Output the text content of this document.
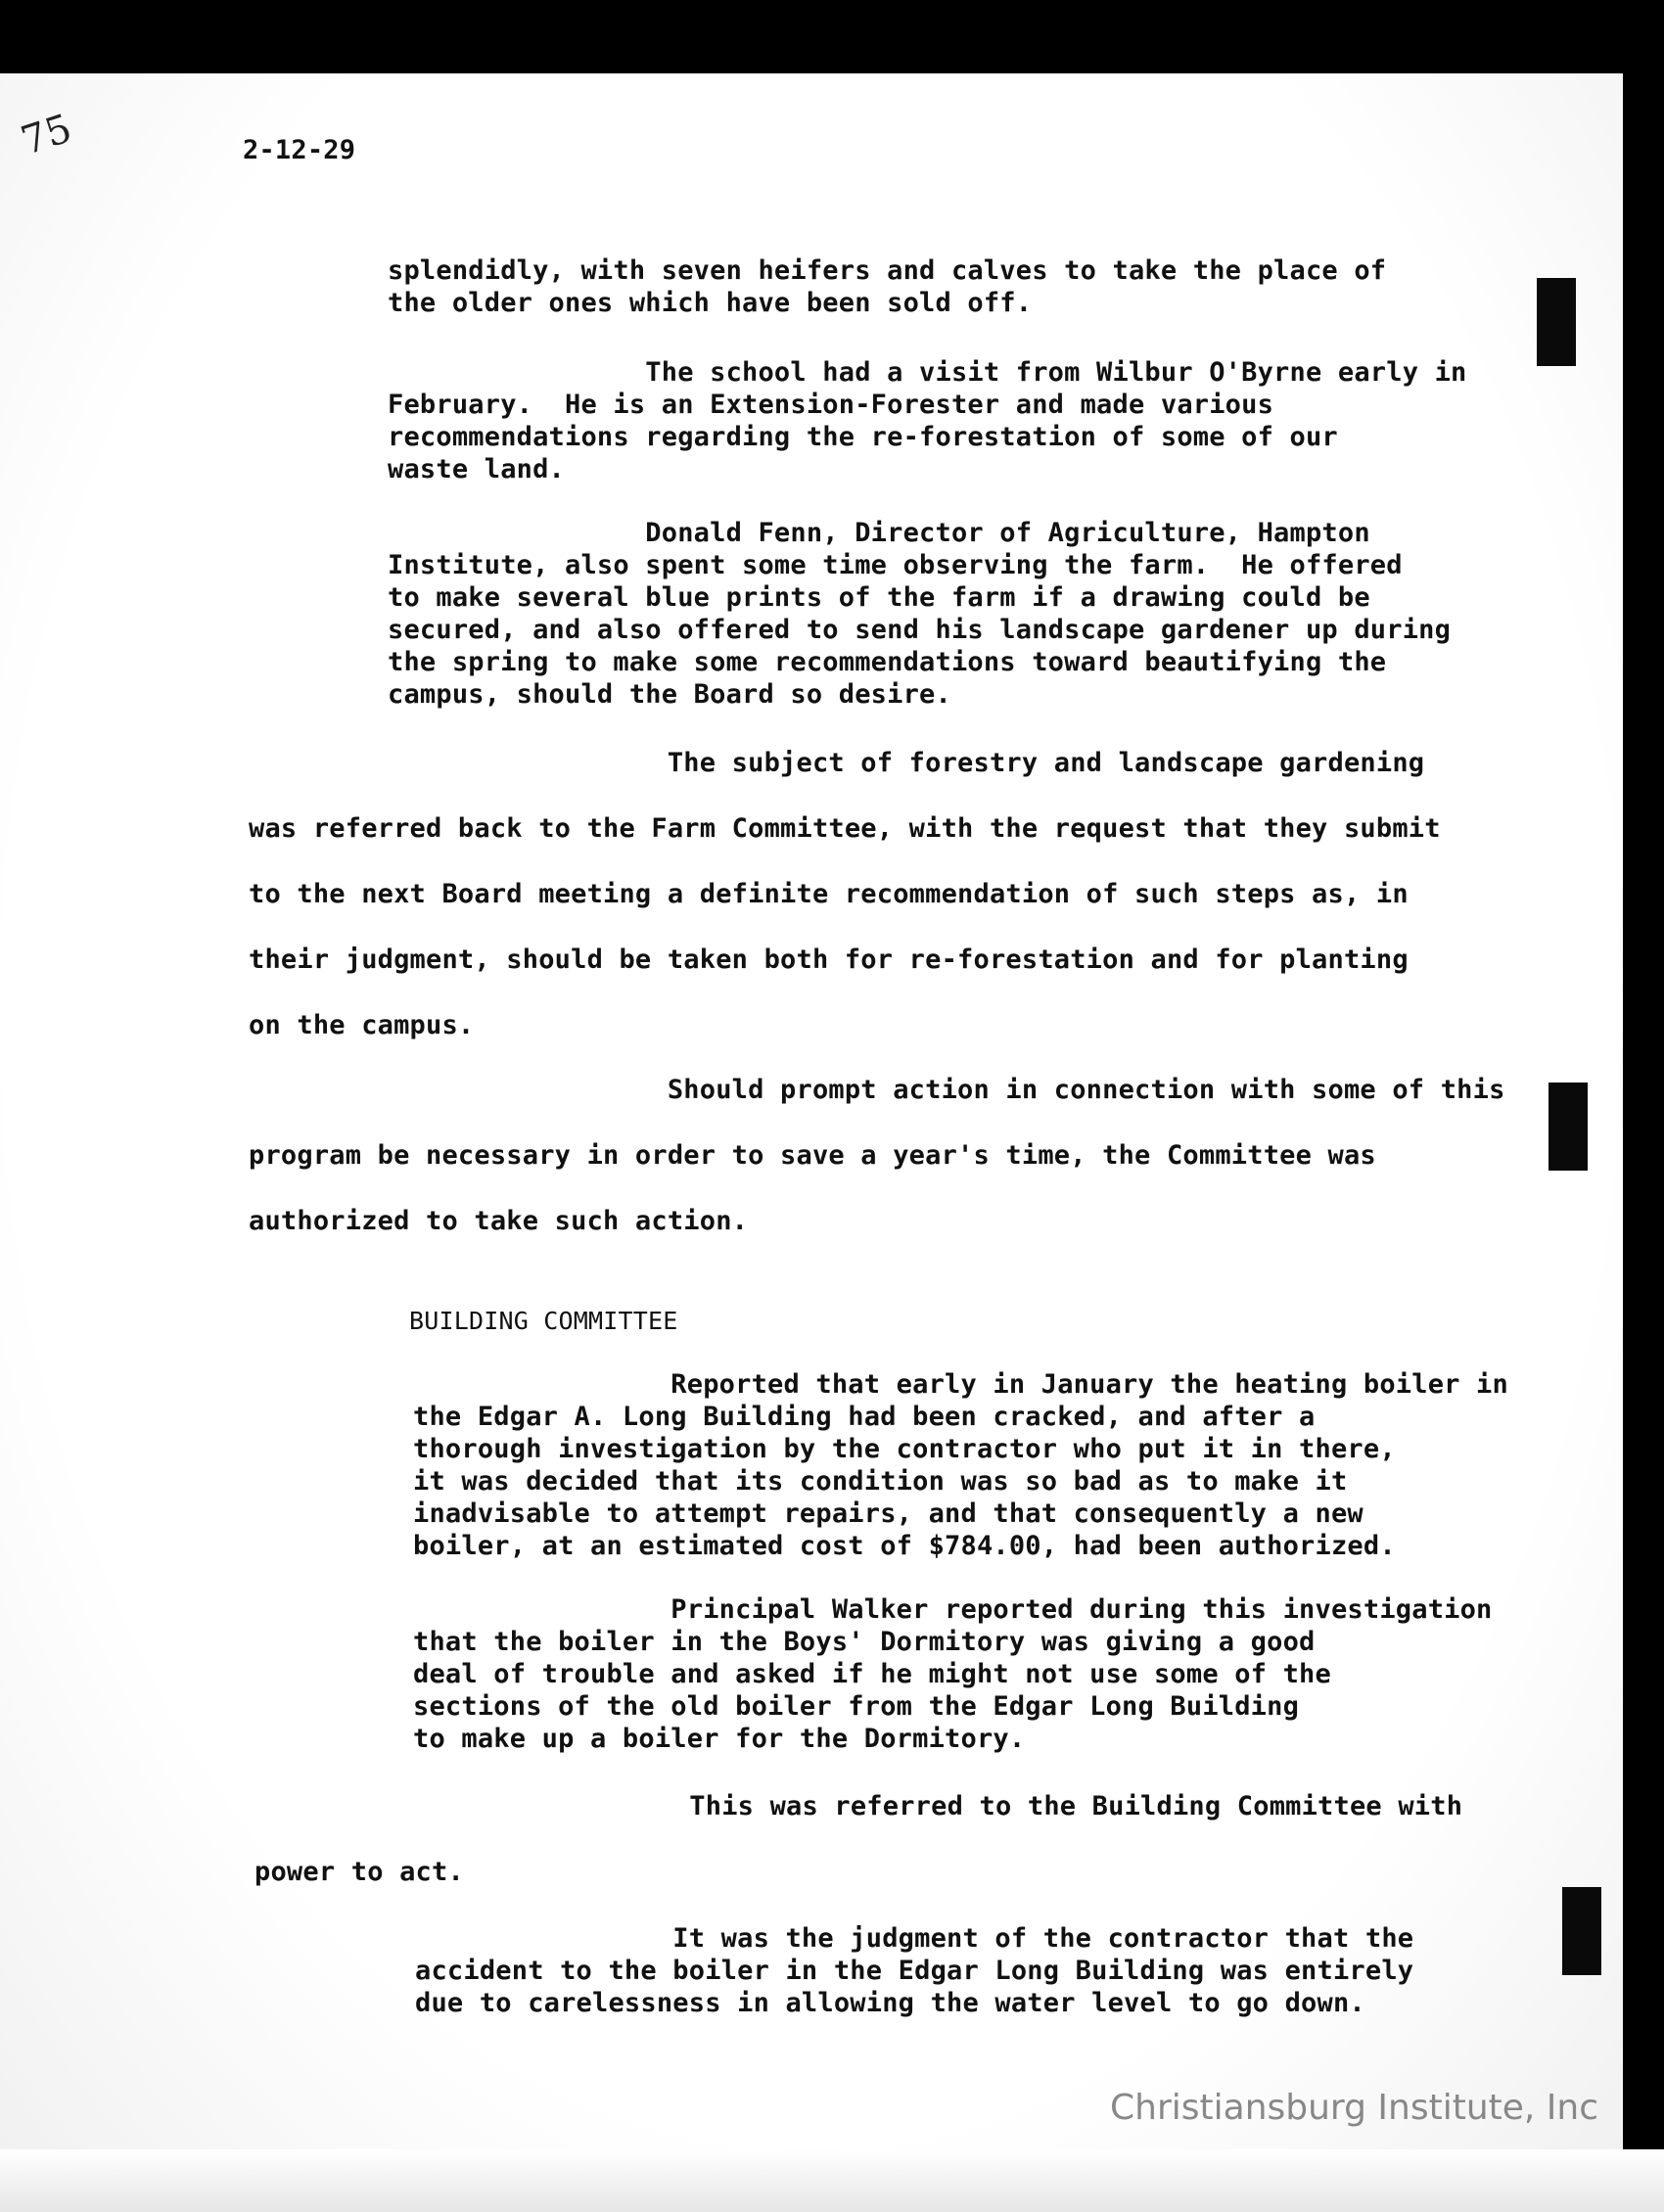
75	2-12-29

splendidly, with seven heifers and calves to take the place of
the older ones which have been sold off.

The school had a visit from Wilbur O'Byrne early in
February.  He is an Extension-Forester and made various
recommendations regarding the re-forestation of some of our
waste land.

Donald Fenn, Director of Agriculture, Hampton
Institute, also spent some time observing the farm.  He offered
to make several blue prints of the farm if a drawing could be
secured, and also offered to send his landscape gardener up during
the spring to make some recommendations toward beautifying the
campus, should the Board so desire.

The subject of forestry and landscape gardening
was referred back to the Farm Committee, with the request that they submit
to the next Board meeting a definite recommendation of such steps as, in
their judgment, should be taken both for re-forestation and for planting
on the campus.

Should prompt action in connection with some of this
program be necessary in order to save a year's time, the Committee was
authorized to take such action.

BUILDING COMMITTEE

Reported that early in January the heating boiler in
the Edgar A. Long Building had been cracked, and after a
thorough investigation by the contractor who put it in there,
it was decided that its condition was so bad as to make it
inadvisable to attempt repairs, and that consequently a new
boiler, at an estimated cost of $784.00, had been authorized.

Principal Walker reported during this investigation
that the boiler in the Boys' Dormitory was giving a good
deal of trouble and asked if he might not use some of the
sections of the old boiler from the Edgar Long Building
to make up a boiler for the Dormitory.

This was referred to the Building Committee with
power to act.

It was the judgment of the contractor that the
accident to the boiler in the Edgar Long Building was entirely
due to carelessness in allowing the water level to go down.

Christiansburg Institute, Inc
